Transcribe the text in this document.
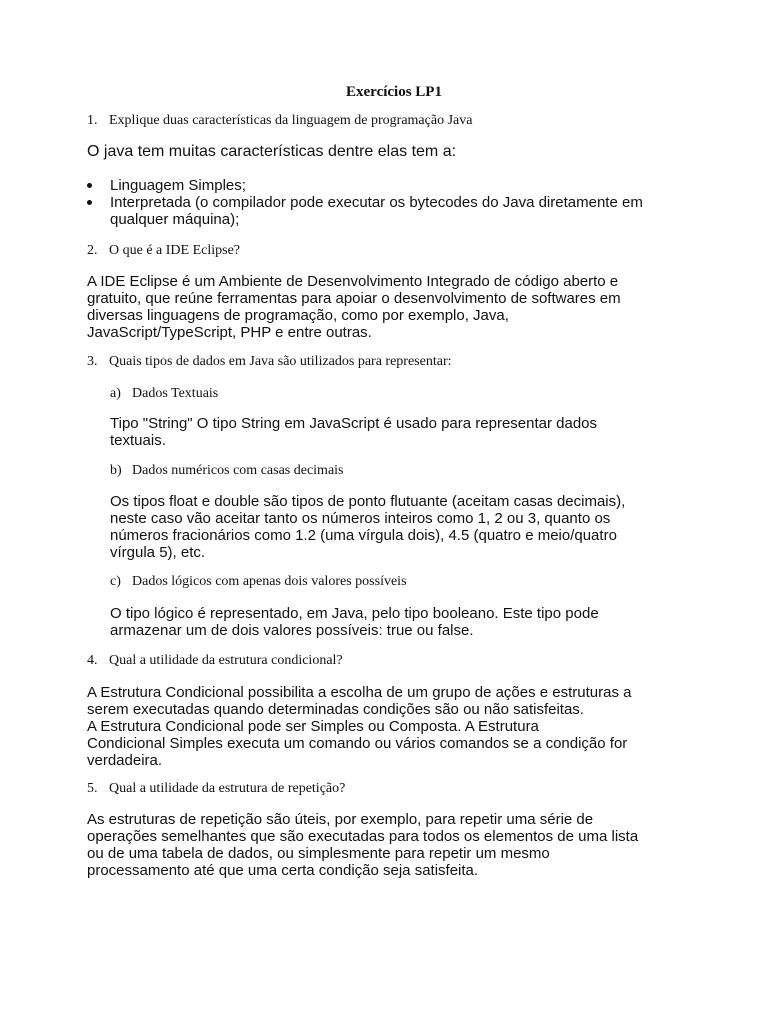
Exercícios LP1
1. Explique duas características da linguagem de programação Java
O java tem muitas características dentre elas tem a:
Linguagem Simples;
Interpretada (o compilador pode executar os bytecodes do Java diretamente em
qualquer máquina);
2. O que é a IDE Eclipse?
A IDE Eclipse é um Ambiente de Desenvolvimento Integrado de código aberto e
gratuito, que reúne ferramentas para apoiar o desenvolvimento de softwares em
diversas linguagens de programação, como por exemplo, Java,
JavaScript/TypeScript, PHP e entre outras.
3. Quais tipos de dados em Java são utilizados para representar:
a) Dados Textuais
Tipo "String" O tipo String em JavaScript é usado para representar dados
textuais.
b) Dados numéricos com casas decimais
Os tipos float e double são tipos de ponto flutuante (aceitam casas decimais),
neste caso vão aceitar tanto os números inteiros como 1, 2 ou 3, quanto os
números fracionários como 1.2 (uma vírgula dois), 4.5 (quatro e meio/quatro
vírgula 5), etc.
c) Dados lógicos com apenas dois valores possíveis
O tipo lógico é representado, em Java, pelo tipo booleano. Este tipo pode
armazenar um de dois valores possíveis: true ou false.
4. Qual a utilidade da estrutura condicional?
A Estrutura Condicional possibilita a escolha de um grupo de ações e estruturas a
serem executadas quando determinadas condições são ou não satisfeitas.
A Estrutura Condicional pode ser Simples ou Composta. A Estrutura
Condicional Simples executa um comando ou vários comandos se a condição for
verdadeira.
5. Qual a utilidade da estrutura de repetição?
As estruturas de repetição são úteis, por exemplo, para repetir uma série de
operações semelhantes que são executadas para todos os elementos de uma lista
ou de uma tabela de dados, ou simplesmente para repetir um mesmo
processamento até que uma certa condição seja satisfeita.
